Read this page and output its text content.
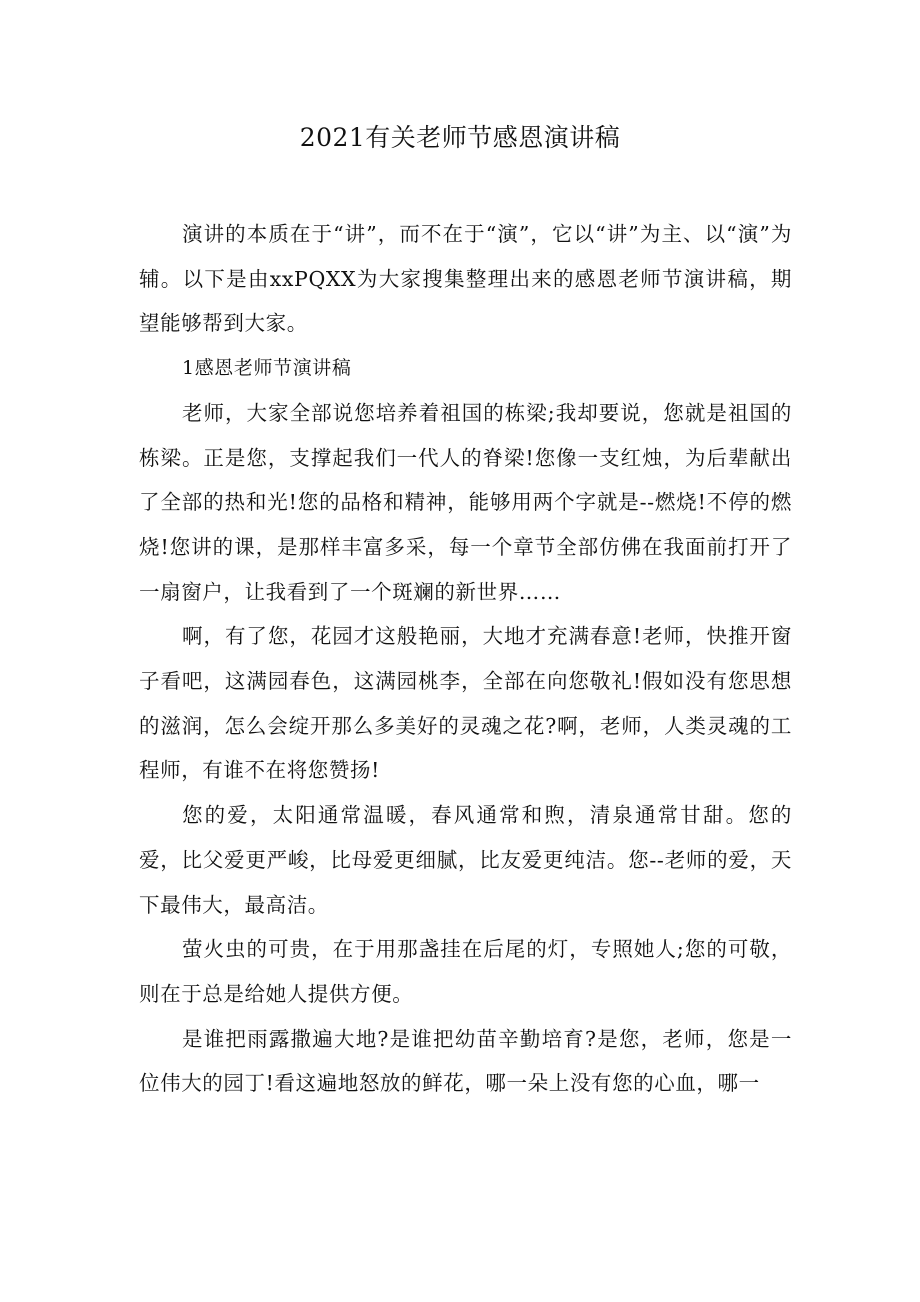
2021有关老师节感恩演讲稿

演讲的本质在于“讲”，而不在于“演”，它以“讲”为主、以“演”为 辅。以下是由xxPQXX为大家搜集整理出来的感恩老师节演讲稿，期望能够帮到大家。

1感恩老师节演讲稿

老师，大家全部说您培养着祖国的栋梁;我却要说，您就是祖国的栋梁。正是您，支撑起我们一代人的脊梁!您像一支红烛，为后辈献出了全部的热和光!您的品格和精神，能够用两个字就是--燃烧!不停的燃烧!您讲的课，是那样丰富多采，每一个章节全部仿佛在我面前打开了一扇窗户，让我看到了一个斑斓的新世界……

啊，有了您，花园才这般艳丽，大地才充满春意!老师，快推开窗子看吧，这满园春色，这满园桃李，全部在向您敬礼!假如没有您思想的滋润，怎么会绽开那么多美好的灵魂之花?啊，老师，人类灵魂的工程师，有谁不在将您赞扬!

您的爱，太阳通常温暖，春风通常和煦，清泉通常甘甜。您的爱，比父爱更严峻，比母爱更细腻，比友爱更纯洁。您--老师的爱，天下最伟大，最高洁。

萤火虫的可贵，在于用那盏挂在后尾的灯，专照她人;您的可敬，则在于总是给她人提供方便。

是谁把雨露撒遍大地?是谁把幼苗辛勤培育?是您，老师，您是一位伟大的园丁!看这遍地怒放的鲜花，哪一朵上没有您的心血，哪一
